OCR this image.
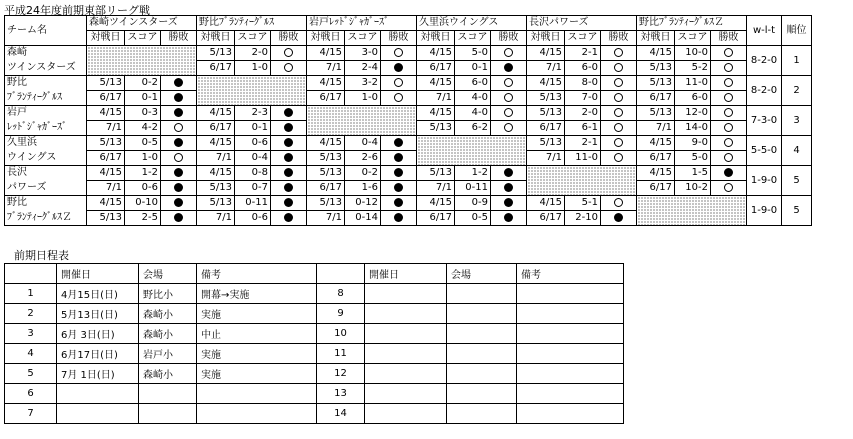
平成24年度前期東部リーグ戦
チーム名	森崎ツインスターズ			野比ﾌﾞﾗﾝﾃｨｰｸﾞﾙｽ			岩戸ﾚｯﾄﾞｼﾞｬｶﾞｰｽﾞ			久里浜ウイングス			長沢パワーズ			野比ﾌﾞﾗﾝﾃｨｰｸﾞﾙｽＺ			w-l-t	順位
	対戦日	スコア	勝敗	対戦日	スコア	勝敗	対戦日	スコア	勝敗	対戦日	スコア	勝敗	対戦日	スコア	勝敗	対戦日	スコア	勝敗		
森崎				5/13	2-0		4/15	3-0		4/15	5-0		4/15	2-1		4/15	10-0		8-2-0	1
ツインスターズ				6/17	1-0		7/1	2-4		6/17	0-1		7/1	6-0		5/13	5-2			
野比	5/13	0-2					4/15	3-2		4/15	6-0		4/15	8-0		5/13	11-0		8-2-0	2
ﾌﾞﾗﾝﾃｨｰｸﾞﾙｽ	6/17	0-1					6/17	1-0		7/1	4-0		5/13	7-0		6/17	6-0			
岩戸	4/15	0-3		4/15	2-3					4/15	4-0		5/13	2-0		5/13	12-0		7-3-0	3
ﾚｯﾄﾞｼﾞｬｶﾞｰｽﾞ	7/1	4-2		6/17	0-1					5/13	6-2		6/17	6-1		7/1	14-0			
久里浜	5/13	0-5		4/15	0-6		4/15	0-4					5/13	2-1		4/15	9-0		5-5-0	4
ウイングス	6/17	1-0		7/1	0-4		5/13	2-6					7/1	11-0		6/17	5-0			
長沢	4/15	1-2		4/15	0-8		5/13	0-2		5/13	1-2					4/15	1-5		1-9-0	5
パワーズ	7/1	0-6		5/13	0-7		6/17	1-6		7/1	0-11					6/17	10-2			
野比	4/15	0-10		5/13	0-11		5/13	0-12		4/15	0-9		4/15	5-1					1-9-0	5
ﾌﾞﾗﾝﾃｨｰｸﾞﾙｽＺ	5/13	2-5		7/1	0-6		7/1	0-14		6/17	0-5		6/17	2-10						
前期日程表
	開催日	会場	備考		開催日	会場	備考
1	4月15日(日)	野比小	開幕→実施	8			
2	5月13日(日)	森崎小	実施	9			
3	6月 3日(日)	森崎小	中止	10			
4	6月17日(日)	岩戸小	実施	11			
5	7月 1日(日)	森崎小	実施	12			
6				13			
7				14			
